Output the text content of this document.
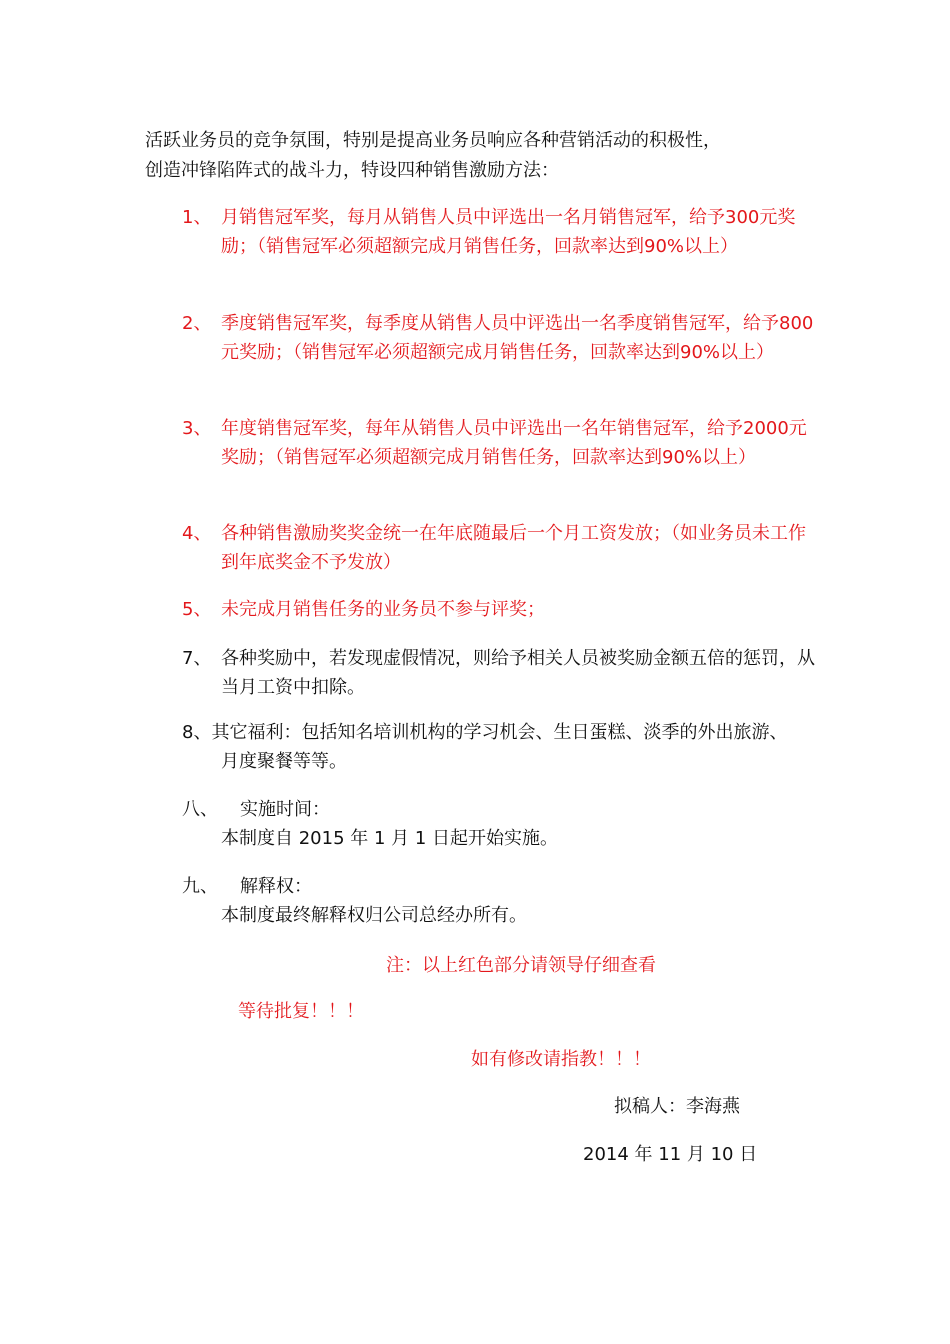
活跃业务员的竞争氛围，特别是提高业务员响应各种营销活动的积极性，
创造冲锋陷阵式的战斗力，特设四种销售激励方法：
1、 月销售冠军奖，每月从销售人员中评选出一名月销售冠军，给予300元奖励；（销售冠军必须超额完成月销售任务，回款率达到90%以上）
2、 季度销售冠军奖，每季度从销售人员中评选出一名季度销售冠军，给予800元奖励；（销售冠军必须超额完成月销售任务，回款率达到90%以上）
3、 年度销售冠军奖，每年从销售人员中评选出一名年销售冠军，给予2000元奖励；（销售冠军必须超额完成月销售任务，回款率达到90%以上）
4、 各种销售激励奖奖金统一在年底随最后一个月工资发放；（如业务员未工作到年底奖金不予发放）
5、 未完成月销售任务的业务员不参与评奖；
7、 各种奖励中，若发现虚假情况，则给予相关人员被奖励金额五倍的惩罚，从当月工资中扣除。
8、其它福利：包括知名培训机构的学习机会、生日蛋糕、淡季的外出旅游、
月度聚餐等等。
八、 实施时间：
本制度自 2015 年 1 月 1 日起开始实施。
九、 解释权：
本制度最终解释权归公司总经办所有。
注：以上红色部分请领导仔细查看
等待批复！！！
如有修改请指教！！！
拟稿人：李海燕
2014 年 11 月 10 日
